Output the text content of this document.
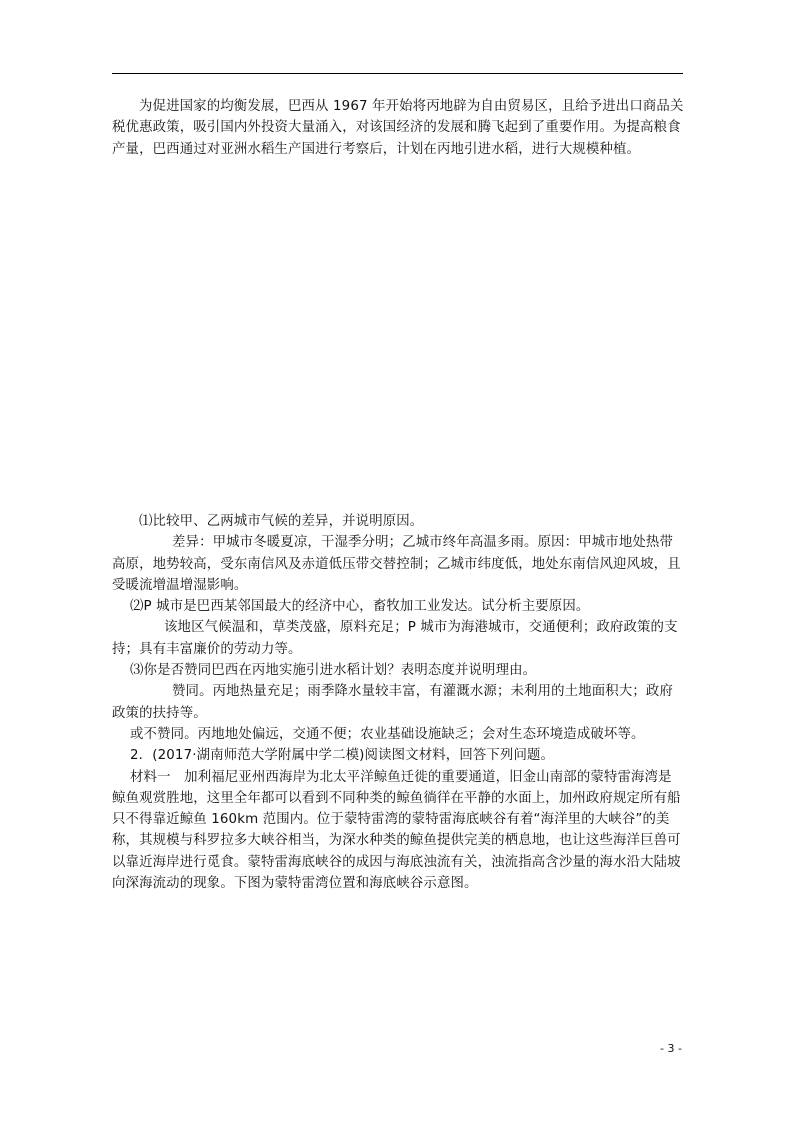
为促进国家的均衡发展，巴西从 1967 年开始将丙地辟为自由贸易区，且给予进出口商品关税优惠政策，吸引国内外投资大量涌入，对该国经济的发展和腾飞起到了重要作用。为提高粮食产量，巴西通过对亚洲水稻生产国进行考察后，计划在丙地引进水稻，进行大规模种植。

⑴比较甲、乙两城市气候的差异，并说明原因。

差异：甲城市冬暖夏凉，干湿季分明；乙城市终年高温多雨。原因：甲城市地处热带高原，地势较高，受东南信风及赤道低压带交替控制；乙城市纬度低，地处东南信风迎风坡，且受暖流增温增湿影响。

⑵P 城市是巴西某邻国最大的经济中心，畜牧加工业发达。试分析主要原因。

该地区气候温和，草类茂盛，原料充足；P 城市为海港城市，交通便利；政府政策的支持；具有丰富廉价的劳动力等。

⑶你是否赞同巴西在丙地实施引进水稻计划？表明态度并说明理由。

赞同。丙地热量充足；雨季降水量较丰富，有灌溉水源；未利用的土地面积大；政府政策的扶持等。

或不赞同。丙地地处偏远，交通不便；农业基础设施缺乏；会对生态环境造成破坏等。

2．(2017·湖南师范大学附属中学二模)阅读图文材料，回答下列问题。

材料一　加利福尼亚州西海岸为北太平洋鲸鱼迁徙的重要通道，旧金山南部的蒙特雷海湾是鲸鱼观赏胜地，这里全年都可以看到不同种类的鲸鱼徜徉在平静的水面上，加州政府规定所有船只不得靠近鲸鱼 160km 范围内。位于蒙特雷湾的蒙特雷海底峡谷有着“海洋里的大峡谷”的美称，其规模与科罗拉多大峡谷相当，为深水种类的鲸鱼提供完美的栖息地，也让这些海洋巨兽可以靠近海岸进行觅食。蒙特雷海底峡谷的成因与海底浊流有关，浊流指高含沙量的海水沿大陆坡向深海流动的现象。下图为蒙特雷湾位置和海底峡谷示意图。

- 3 -
